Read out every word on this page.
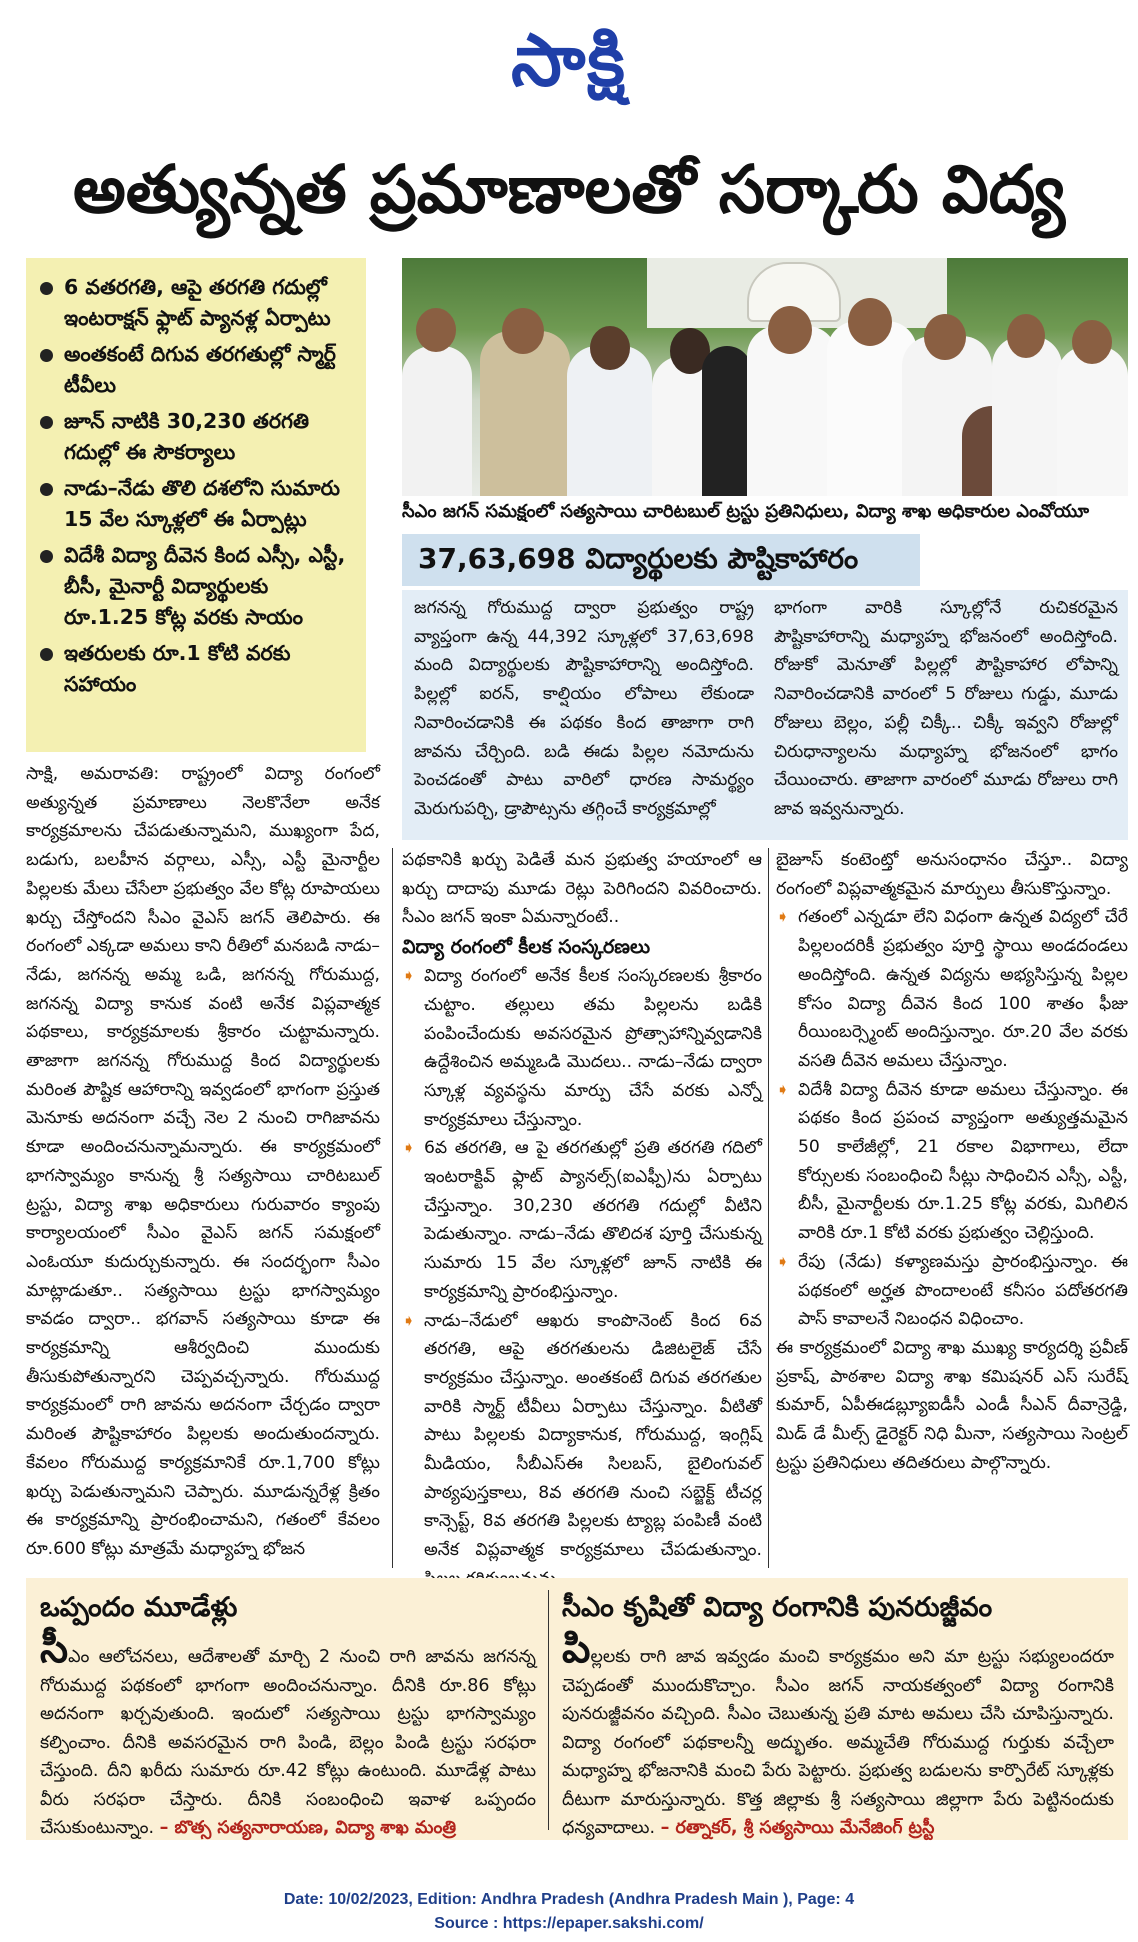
సాక్షి
అత్యున్నత ప్రమాణాలతో సర్కారు విద్య
6 వతరగతి, ఆపై తరగతి గదుల్లో ఇంటరాక్షన్ ఫ్లాట్ ప్యానళ్ల ఏర్పాటు
అంతకంటే దిగువ తరగతుల్లో స్మార్ట్ టీవీలు
జూన్ నాటికి 30,230 తరగతి గదుల్లో ఈ సౌకర్యాలు
నాడు–నేడు తొలి దశలోని సుమారు 15 వేల స్కూళ్లలో ఈ ఏర్పాట్లు
విదేశీ విద్యా దీవెన కింద ఎస్సీ, ఎస్టీ, బీసీ, మైనార్టీ విద్యార్థులకు రూ.1.25 కోట్ల వరకు సాయం
ఇతరులకు రూ.1 కోటి వరకు సహాయం
సీఎం జగన్ సమక్షంలో సత్యసాయి చారిటబుల్ ట్రస్టు ప్రతినిధులు, విద్యా శాఖ అధికారుల ఎంవోయూ
37,63,698 విద్యార్థులకు పౌష్టికాహారం
జగనన్న గోరుముద్ద ద్వారా ప్రభుత్వం రాష్ట్ర వ్యాప్తంగా ఉన్న 44,392 స్కూళ్లలో 37,63,698 మంది విద్యార్థులకు పౌష్టికాహారాన్ని అందిస్తోంది. పిల్లల్లో ఐరన్, కాల్షియం లోపాలు లేకుండా నివారించడానికి ఈ పథకం కింద తాజాగా రాగి జావను చేర్చింది. బడి ఈడు పిల్లల నమోదును పెంచడంతో పాటు వారిలో ధారణ సామర్థ్యం మెరుగుపర్చి, డ్రాపౌట్సను తగ్గించే కార్యక్రమాల్లో
భాగంగా వారికి స్కూల్లోనే రుచికరమైన పౌష్టికాహారాన్ని మధ్యాహ్న భోజనంలో అందిస్తోంది. రోజుకో మెనూతో పిల్లల్లో పౌష్టికాహార లోపాన్ని నివారించడానికి వారంలో 5 రోజులు గుడ్డు, మూడు రోజులు బెల్లం, పల్లీ చిక్కీ.. చిక్కీ ఇవ్వని రోజుల్లో చిరుధాన్యాలను మధ్యాహ్న భోజనంలో భాగం చేయించారు. తాజాగా వారంలో మూడు రోజులు రాగి జావ ఇవ్వనున్నారు.
సాక్షి, అమరావతి: రాష్ట్రంలో విద్యా రంగంలో అత్యున్నత ప్రమాణాలు నెలకొనేలా అనేక కార్యక్రమాలను చేపడుతున్నామని, ముఖ్యంగా పేద, బడుగు, బలహీన వర్గాలు, ఎస్సీ, ఎస్టీ మైనార్టీల పిల్లలకు మేలు చేసేలా ప్రభుత్వం వేల కోట్ల రూపాయలు ఖర్చు చేస్తోందని సీఎం వైఎస్ జగన్ తెలిపారు. ఈ రంగంలో ఎక్కడా అమలు కాని రీతిలో మనబడి నాడు–నేడు, జగనన్న అమ్మ ఒడి, జగనన్న గోరుముద్ద, జగనన్న విద్యా కానుక వంటి అనేక విప్లవాత్మక పథకాలు, కార్యక్రమాలకు శ్రీకారం చుట్టామన్నారు. తాజాగా జగనన్న గోరుముద్ద కింద విద్యార్థులకు మరింత పౌష్టిక ఆహారాన్ని ఇవ్వడంలో భాగంగా ప్రస్తుత మెనూకు అదనంగా వచ్చే నెల 2 నుంచి రాగిజావను కూడా అందించనున్నామన్నారు. ఈ కార్యక్రమంలో భాగస్వామ్యం కానున్న శ్రీ సత్యసాయి చారిటబుల్ ట్రస్టు, విద్యా శాఖ అధికారులు గురువారం క్యాంపు కార్యాలయంలో సీఎం వైఎస్ జగన్ సమక్షంలో ఎంఓయూ కుదుర్చుకున్నారు. ఈ సందర్భంగా సీఎం మాట్లాడుతూ.. సత్యసాయి ట్రస్టు భాగస్వామ్యం కావడం ద్వారా.. భగవాన్ సత్యసాయి కూడా ఈ కార్యక్రమాన్ని ఆశీర్వదించి ముందుకు తీసుకుపోతున్నారని చెప్పవచ్చన్నారు. గోరుముద్ద కార్యక్రమంలో రాగి జావను అదనంగా చేర్చడం ద్వారా మరింత పౌష్టికాహారం పిల్లలకు అందుతుందన్నారు. కేవలం గోరుముద్ద కార్యక్రమానికే రూ.1,700 కోట్లు ఖర్చు పెడుతున్నామని చెప్పారు. మూడున్నరేళ్ల క్రితం ఈ కార్యక్రమాన్ని ప్రారంభించామని, గతంలో కేవలం రూ.600 కోట్లు మాత్రమే మధ్యాహ్న భోజన
పథకానికి ఖర్చు పెడితే మన ప్రభుత్వ హయాంలో ఆ ఖర్చు దాదాపు మూడు రెట్లు పెరిగిందని వివరించారు. సీఎం జగన్ ఇంకా ఏమన్నారంటే..
విద్యా రంగంలో కీలక సంస్కరణలు
➧ విద్యా రంగంలో అనేక కీలక సంస్కరణలకు శ్రీకారం చుట్టాం. తల్లులు తమ పిల్లలను బడికి పంపించేందుకు అవసరమైన ప్రోత్సాహాన్నివ్వడానికి ఉద్దేశించిన అమ్మఒడి మొదలు.. నాడు–నేడు ద్వారా స్కూళ్ల వ్యవస్థను మార్పు చేసే వరకు ఎన్నో కార్యక్రమాలు చేస్తున్నాం.
➧ 6వ తరగతి, ఆ పై తరగతుల్లో ప్రతి తరగతి గదిలో ఇంటరాక్టివ్ ఫ్లాట్ ప్యానల్స్(ఐఎఫ్పీ)ను ఏర్పాటు చేస్తున్నాం. 30,230 తరగతి గదుల్లో వీటిని పెడుతున్నాం. నాడు–నేడు తొలిదశ పూర్తి చేసుకున్న సుమారు 15 వేల స్కూళ్లలో జూన్ నాటికి ఈ కార్యక్రమాన్ని ప్రారంభిస్తున్నాం.
➧ నాడు–నేడులో ఆఖరు కాంపొనెంట్ కింద 6వ తరగతి, ఆపై తరగతులను డిజిటలైజ్ చేసే కార్యక్రమం చేస్తున్నాం. అంతకంటే దిగువ తరగతుల వారికి స్మార్ట్ టీవీలు ఏర్పాటు చేస్తున్నాం. వీటితో పాటు పిల్లలకు విద్యాకానుక, గోరుముద్ద, ఇంగ్లిష్ మీడియం, సీబీఎస్ఈ సిలబస్, బైలింగువల్ పాఠ్యపుస్తకాలు, 8వ తరగతి నుంచి సబ్జెక్ట్ టీచర్ల కాన్సెప్ట్, 8వ తరగతి పిల్లలకు ట్యాబ్ల పంపిణీ వంటి అనేక విప్లవాత్మక కార్యక్రమాలు చేపడుతున్నాం.
బైజూస్ కంటెంట్తో అనుసంధానం చేస్తూ.. విద్యా రంగంలో విప్లవాత్మకమైన మార్పులు తీసుకొస్తున్నాం.
➧ గతంలో ఎన్నడూ లేని విధంగా ఉన్నత విద్యలో చేరే పిల్లలందరికీ ప్రభుత్వం పూర్తి స్థాయి అండదండలు అందిస్తోంది. ఉన్నత విద్యను అభ్యసిస్తున్న పిల్లల కోసం విద్యా దీవెన కింద 100 శాతం ఫీజు రీయింబర్స్మెంట్ అందిస్తున్నాం. రూ.20 వేల వరకు వసతి దీవెన అమలు చేస్తున్నాం.
➧ విదేశీ విద్యా దీవెన కూడా అమలు చేస్తున్నాం. ఈ పథకం కింద ప్రపంచ వ్యాప్తంగా అత్యుత్తమమైన 50 కాలేజీల్లో, 21 రకాల విభాగాలు, లేదా కోర్సులకు సంబంధించి సీట్లు సాధించిన ఎస్సీ, ఎస్టీ, బీసీ, మైనార్టీలకు రూ.1.25 కోట్ల వరకు, మిగిలిన వారికి రూ.1 కోటి వరకు ప్రభుత్వం చెల్లిస్తుంది.
➧ రేపు (నేడు) కళ్యాణమస్తు ప్రారంభిస్తున్నాం. ఈ పథకంలో అర్హత పొందాలంటే కనీసం పదోతరగతి పాస్ కావాలనే నిబంధన విధించాం.
ఈ కార్యక్రమంలో విద్యా శాఖ ముఖ్య కార్యదర్శి ప్రవీణ్ ప్రకాష్, పాఠశాల విద్యా శాఖ కమిషనర్ ఎస్ సురేష్ కుమార్, ఏపీఈడబ్ల్యూఐడీసీ ఎండీ సీఎన్ దీవాన్రెడ్డి, మిడ్ డే మీల్స్ డైరెక్టర్ నిధి మీనా, సత్యసాయి సెంట్రల్ ట్రస్టు ప్రతినిధులు తదితరులు పాల్గొన్నారు.
ఒప్పందం మూడేళ్లు
సీఎం ఆలోచనలు, ఆదేశాలతో మార్చి 2 నుంచి రాగి జావను జగనన్న గోరుముద్ద పథకంలో భాగంగా అందించనున్నాం. దీనికి రూ.86 కోట్లు అదనంగా ఖర్చవుతుంది. ఇందులో సత్యసాయి ట్రస్టు భాగస్వామ్యం కల్పించాం. దీనికి అవసరమైన రాగి పిండి, బెల్లం పిండి ట్రస్టు సరఫరా చేస్తుంది. దీని ఖరీదు సుమారు రూ.42 కోట్లు ఉంటుంది. మూడేళ్ల పాటు వీరు సరఫరా చేస్తారు. దీనికి సంబంధించి ఇవాళ ఒప్పందం చేసుకుంటున్నాం. – బొత్స సత్యనారాయణ, విద్యా శాఖ మంత్రి
సీఎం కృషితో విద్యా రంగానికి పునరుజ్జీవం
పిల్లలకు రాగి జావ ఇవ్వడం మంచి కార్యక్రమం అని మా ట్రస్టు సభ్యులందరూ చెప్పడంతో ముందుకొచ్చాం. సీఎం జగన్ నాయకత్వంలో విద్యా రంగానికి పునరుజ్జీవనం వచ్చింది. సీఎం చెబుతున్న ప్రతి మాట అమలు చేసి చూపిస్తున్నారు. విద్యా రంగంలో పథకాలన్నీ అద్భుతం. అమ్మచేతి గోరుముద్ద గుర్తుకు వచ్చేలా మధ్యాహ్న భోజనానికి మంచి పేరు పెట్టారు. ప్రభుత్వ బడులను కార్పొరేట్ స్కూళ్లకు దీటుగా మారుస్తున్నారు. కొత్త జిల్లాకు శ్రీ సత్యసాయి జిల్లాగా పేరు పెట్టినందుకు ధన్యవాదాలు. – రత్నాకర్, శ్రీ సత్యసాయి మేనేజింగ్ ట్రస్టీ
Date: 10/02/2023, Edition: Andhra Pradesh (Andhra Pradesh Main ), Page: 4
Source : https://epaper.sakshi.com/
